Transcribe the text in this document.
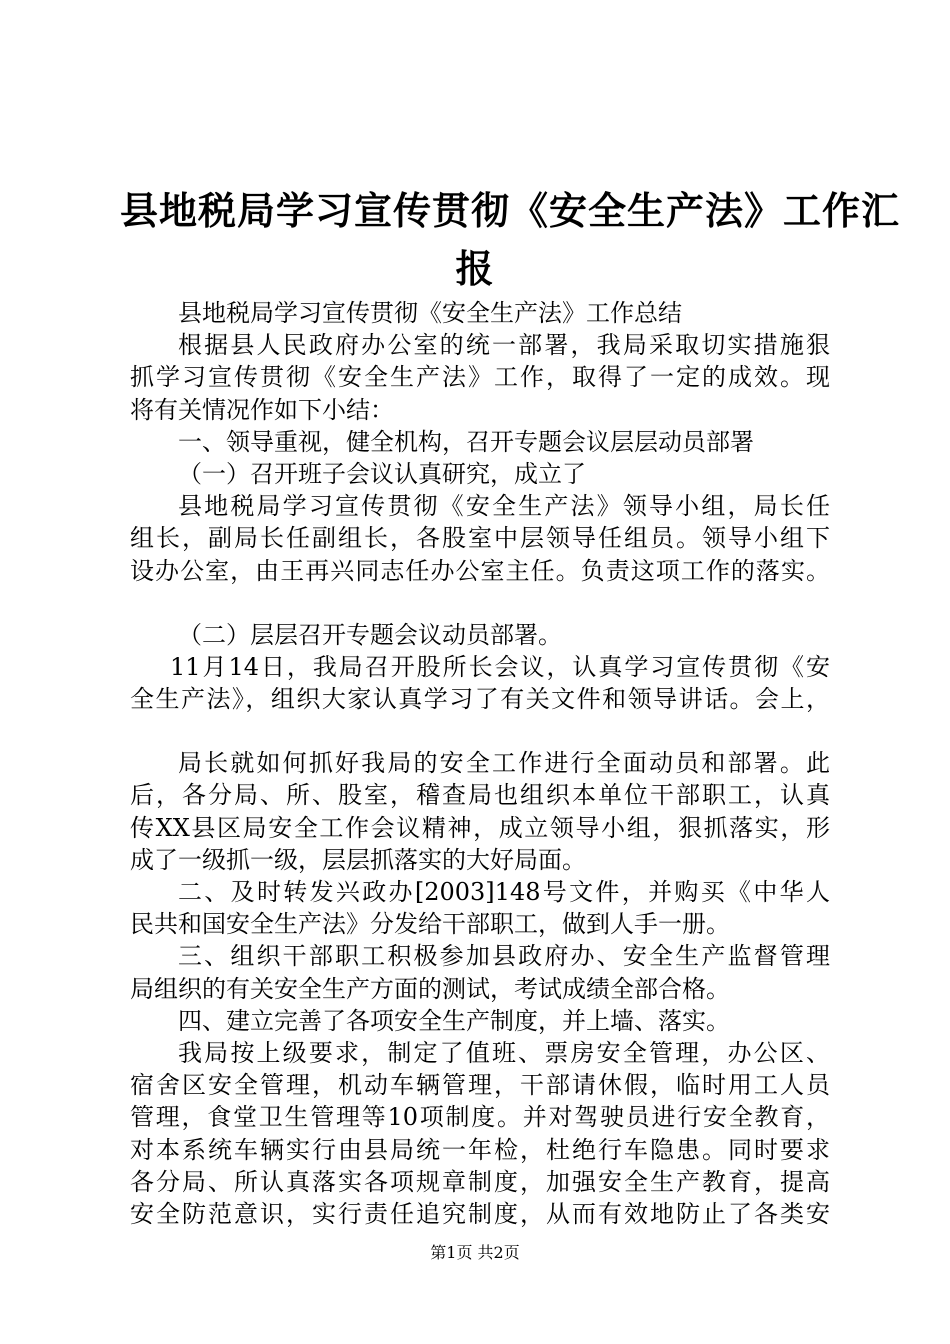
县地税局学习宣传贯彻《安全生产法》工作汇
报
县地税局学习宣传贯彻《安全生产法》工作总结
根据县人民政府办公室的统一部署，我局采取切实措施狠
抓学习宣传贯彻《安全生产法》工作，取得了一定的成效。现
将有关情况作如下小结：
一、领导重视，健全机构，召开专题会议层层动员部署
（一）召开班子会议认真研究，成立了
县地税局学习宣传贯彻《安全生产法》领导小组，局长任
组长，副局长任副组长，各股室中层领导任组员。领导小组下
设办公室，由王再兴同志任办公室主任。负责这项工作的落实。
（二）层层召开专题会议动员部署。
11月14日，我局召开股所长会议，认真学习宣传贯彻《安
全生产法》，组织大家认真学习了有关文件和领导讲话。会上，
局长就如何抓好我局的安全工作进行全面动员和部署。此
后，各分局、所、股室，稽查局也组织本单位干部职工，认真
传XX县区局安全工作会议精神，成立领导小组，狠抓落实，形
成了一级抓一级，层层抓落实的大好局面。
二、及时转发兴政办[2003]148号文件，并购买《中华人
民共和国安全生产法》分发给干部职工，做到人手一册。
三、组织干部职工积极参加县政府办、安全生产监督管理
局组织的有关安全生产方面的测试，考试成绩全部合格。
四、建立完善了各项安全生产制度，并上墙、落实。
我局按上级要求，制定了值班、票房安全管理，办公区、
宿舍区安全管理，机动车辆管理，干部请休假，临时用工人员
管理，食堂卫生管理等10项制度。并对驾驶员进行安全教育，
对本系统车辆实行由县局统一年检，杜绝行车隐患。同时要求
各分局、所认真落实各项规章制度，加强安全生产教育，提高
安全防范意识，实行责任追究制度，从而有效地防止了各类安
第1页 共2页
